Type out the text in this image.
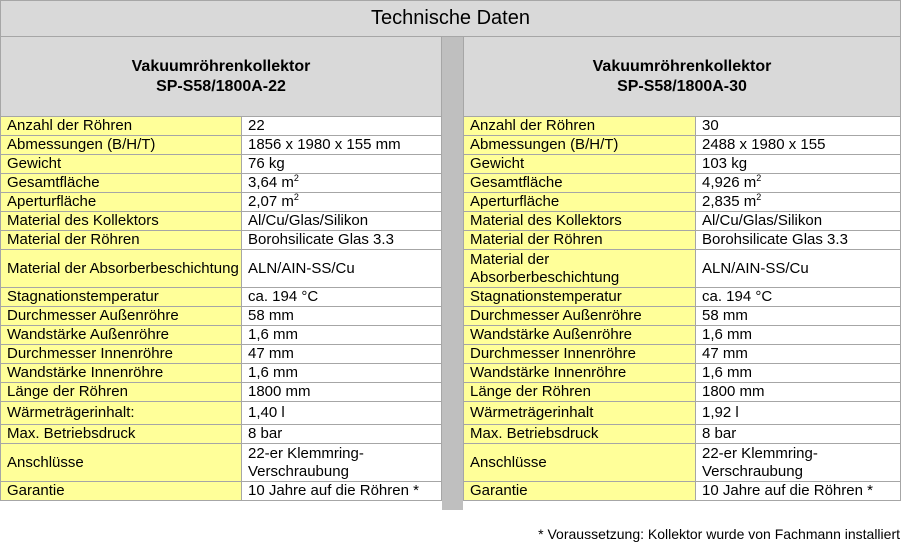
Technische Daten
Vakuumröhrenkollektor
SP-S58/1800A-22
Anzahl der Röhren	22
Abmessungen (B/H/T)	1856 x 1980 x 155 mm
Gewicht	76 kg
Gesamtfläche	3,64 $m^2$
Aperturfläche	2,07 $m^2$
Material des Kollektors	Al/Cu/Glas/Silikon
Material der Röhren	Borohsilicate Glas 3.3
Material der Absorberbeschichtung	ALN/AIN-SS/Cu
Stagnationstemperatur	ca. 194 °C
Durchmesser Außenröhre	58 mm
Wandstärke Außenröhre	1,6 mm
Durchmesser Innenröhre	47 mm
Wandstärke Innenröhre	1,6 mm
Länge der Röhren	1800 mm
Wärmeträgerinhalt:	1,40 l
Max. Betriebsdruck	8 bar
Anschlüsse	22-er Klemmring-Verschraubung
Garantie	10 Jahre auf die Röhren *
Vakuumröhrenkollektor
SP-S58/1800A-30
Anzahl der Röhren	30
Abmessungen (B/H/T)	2488 x 1980 x 155
Gewicht	103 kg
Gesamtfläche	4,926 $m^2$
Aperturfläche	2,835 $m^2$
Material des Kollektors	Al/Cu/Glas/Silikon
Material der Röhren	Borohsilicate Glas 3.3
Material der Absorberbeschichtung	ALN/AIN-SS/Cu
Stagnationstemperatur	ca. 194 °C
Durchmesser Außenröhre	58 mm
Wandstärke Außenröhre	1,6 mm
Durchmesser Innenröhre	47 mm
Wandstärke Innenröhre	1,6 mm
Länge der Röhren	1800 mm
Wärmeträgerinhalt	1,92 l
Max. Betriebsdruck	8 bar
Anschlüsse	22-er Klemmring-Verschraubung
Garantie	10 Jahre auf die Röhren *
* Voraussetzung: Kollektor wurde von Fachmann installiert
